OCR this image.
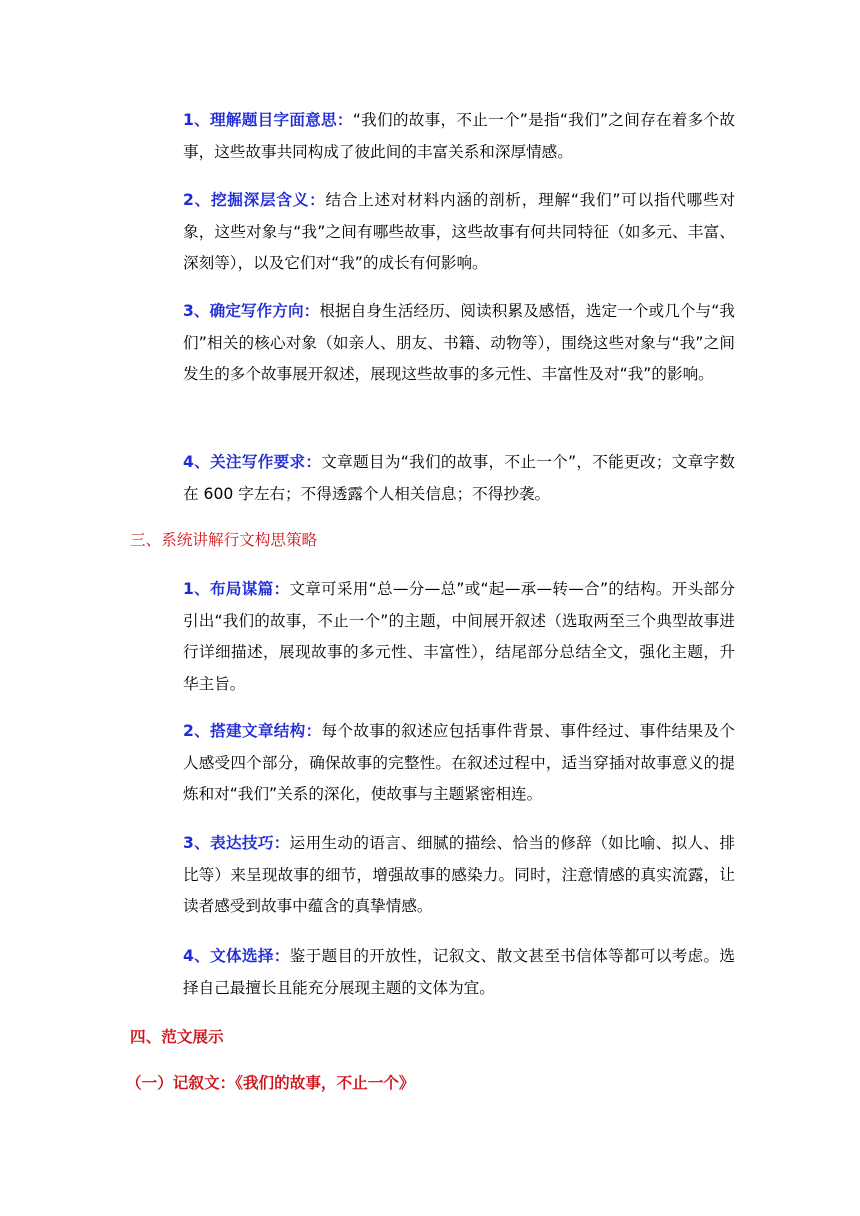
1、理解题目字面意思：“我们的故事，不止一个”是指“我们”之间存在着多个故事，这些故事共同构成了彼此间的丰富关系和深厚情感。
2、挖掘深层含义：结合上述对材料内涵的剖析，理解“我们”可以指代哪些对象，这些对象与“我”之间有哪些故事，这些故事有何共同特征（如多元、丰富、深刻等），以及它们对“我”的成长有何影响。
3、确定写作方向：根据自身生活经历、阅读积累及感悟，选定一个或几个与“我们”相关的核心对象（如亲人、朋友、书籍、动物等），围绕这些对象与“我”之间发生的多个故事展开叙述，展现这些故事的多元性、丰富性及对“我”的影响。
4、关注写作要求：文章题目为“我们的故事，不止一个”，不能更改；文章字数在 600 字左右；不得透露个人相关信息；不得抄袭。
三、系统讲解行文构思策略
1、布局谋篇：文章可采用“总—分—总”或“起—承—转—合”的结构。开头部分引出“我们的故事，不止一个”的主题，中间展开叙述（选取两至三个典型故事进行详细描述，展现故事的多元性、丰富性），结尾部分总结全文，强化主题，升华主旨。
2、搭建文章结构：每个故事的叙述应包括事件背景、事件经过、事件结果及个人感受四个部分，确保故事的完整性。在叙述过程中，适当穿插对故事意义的提炼和对“我们”关系的深化，使故事与主题紧密相连。
3、表达技巧：运用生动的语言、细腻的描绘、恰当的修辞（如比喻、拟人、排比等）来呈现故事的细节，增强故事的感染力。同时，注意情感的真实流露，让读者感受到故事中蕴含的真挚情感。
4、文体选择：鉴于题目的开放性，记叙文、散文甚至书信体等都可以考虑。选择自己最擅长且能充分展现主题的文体为宜。
四、范文展示
（一）记叙文：《我们的故事，不止一个》
